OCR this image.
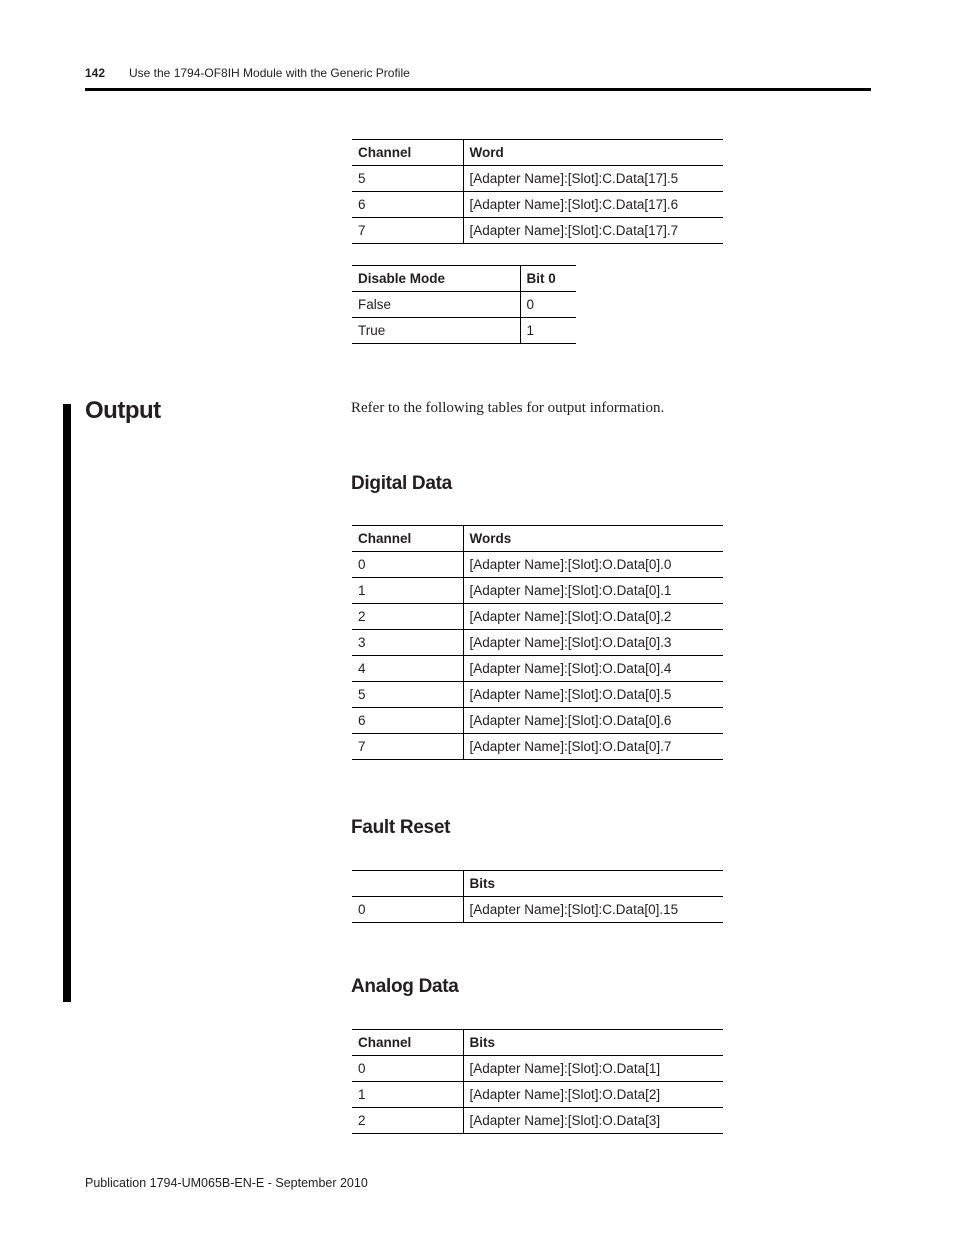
142 Use the 1794-OF8IH Module with the Generic Profile
Channel	Word
5	[Adapter Name]:[Slot]:C.Data[17].5
6	[Adapter Name]:[Slot]:C.Data[17].6
7	[Adapter Name]:[Slot]:C.Data[17].7
Disable Mode	Bit 0
False	0
True	1
Output	Refer to the following tables for output information.

Digital Data
Channel	Words
0	[Adapter Name]:[Slot]:O.Data[0].0
1	[Adapter Name]:[Slot]:O.Data[0].1
2	[Adapter Name]:[Slot]:O.Data[0].2
3	[Adapter Name]:[Slot]:O.Data[0].3
4	[Adapter Name]:[Slot]:O.Data[0].4
5	[Adapter Name]:[Slot]:O.Data[0].5
6	[Adapter Name]:[Slot]:O.Data[0].6
7	[Adapter Name]:[Slot]:O.Data[0].7
Fault Reset
	Bits
0	[Adapter Name]:[Slot]:C.Data[0].15
Analog Data
Channel	Bits
0	[Adapter Name]:[Slot]:O.Data[1]
1	[Adapter Name]:[Slot]:O.Data[2]
2	[Adapter Name]:[Slot]:O.Data[3]
Publication 1794-UM065B-EN-E - September 2010
